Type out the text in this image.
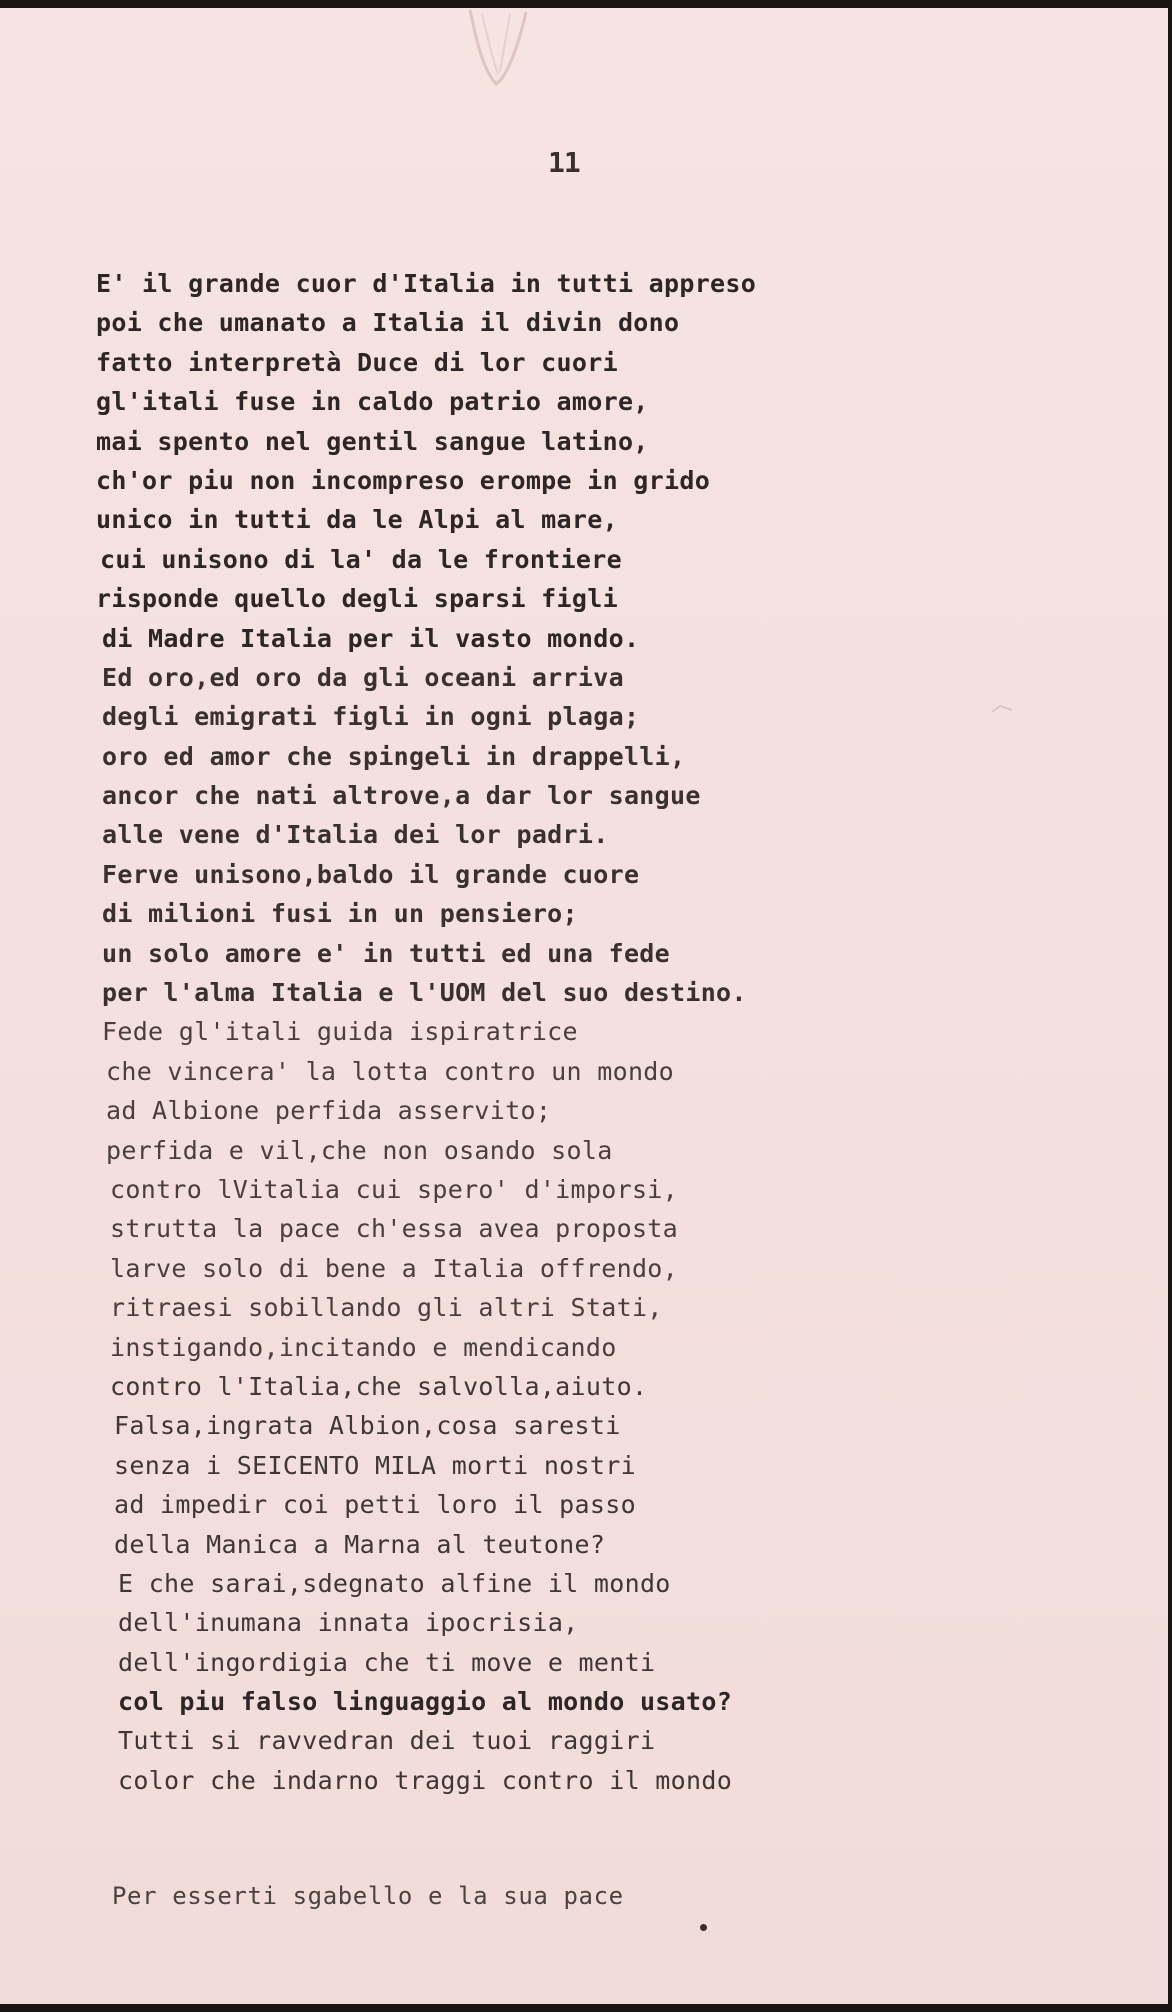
11
E' il grande cuor d'Italia in tutti appreso
poi che umanato a Italia il divin dono
fatto interpretà Duce di lor cuori
gl'itali fuse in caldo patrio amore,
mai spento nel gentil sangue latino,
ch'or piu non incompreso erompe in grido
unico in tutti da le Alpi al mare,
cui unisono di la' da le frontiere
risponde quello degli sparsi figli
di Madre Italia per il vasto mondo.
Ed oro,ed oro da gli oceani arriva
degli emigrati figli in ogni plaga;
oro ed amor che spingeli in drappelli,
ancor che nati altrove,a dar lor sangue
alle vene d'Italia dei lor padri.
Ferve unisono,baldo il grande cuore
di milioni fusi in un pensiero;
un solo amore e' in tutti ed una fede
per l'alma Italia e l'UOM del suo destino.
Fede gl'itali guida ispiratrice
che vincera' la lotta contro un mondo
ad Albione perfida asservito;
perfida e vil,che non osando sola
contro lVitalia cui spero' d'imporsi,
strutta la pace ch'essa avea proposta
larve solo di bene a Italia offrendo,
ritraesi sobillando gli altri Stati,
instigando,incitando e mendicando
contro l'Italia,che salvolla,aiuto.
Falsa,ingrata Albion,cosa saresti
senza i SEICENTO MILA morti nostri
ad impedir coi petti loro il passo
della Manica a Marna al teutone?
E che sarai,sdegnato alfine il mondo
dell'inumana innata ipocrisia,
dell'ingordigia che ti move e menti
col piu falso linguaggio al mondo usato?
Tutti si ravvedran dei tuoi raggiri
color che indarno traggi contro il mondo
Per esserti sgabello e la sua pace
